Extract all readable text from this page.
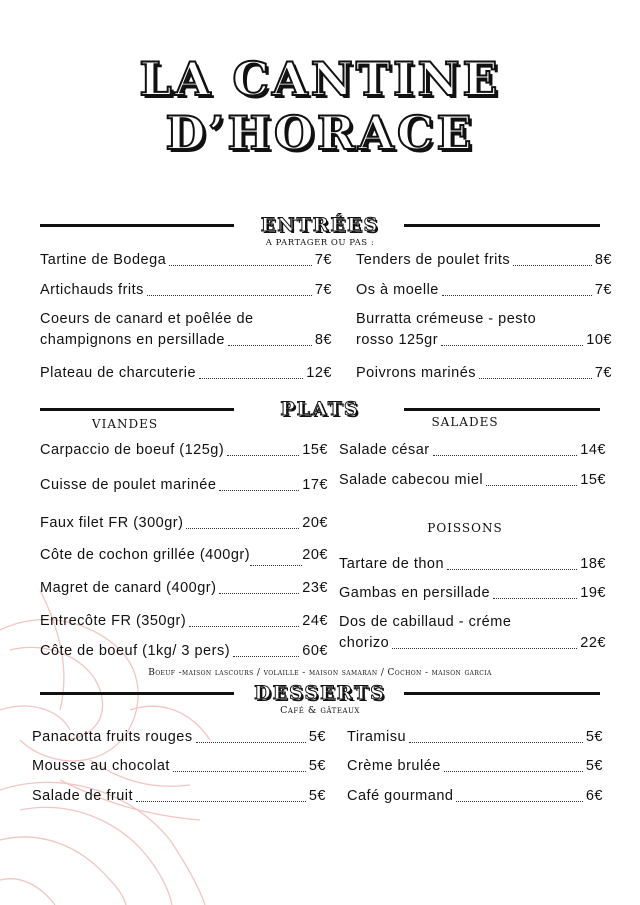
LA CANTINE
D’HORACE
ENTRÉES
A PARTAGER OU PAS :
Tartine de Bodega	7€
Artichauds frits	7€
Coeurs de canard et poêlée de
champignons en persillade	8€
Plateau de charcuterie	12€
Tenders de poulet frits	8€
Os à moelle	7€
Burratta crémeuse - pesto
rosso 125gr	10€
Poivrons marinés	7€
PLATS
VIANDES	SALADES
POISSONS
Carpaccio de boeuf (125g)	15€
Cuisse de poulet marinée	17€
Faux filet FR (300gr)	20€
Côte de cochon grillée (400gr)	20€
Magret de canard (400gr)	23€
Entrecôte FR (350gr)	24€
Côte de boeuf (1kg/ 3 pers)	60€
Salade césar	14€
Salade cabecou miel	15€
Tartare de thon	18€
Gambas en persillade	19€
Dos de cabillaud - créme
chorizo	22€
Boeuf -maison lascours / volaille - maison samaran / Cochon - maison garcia
DESSERTS
Café & gâteaux
Panacotta fruits rouges	5€
Mousse au chocolat	5€
Salade de fruit	5€
Tiramisu	5€
Crème brulée	5€
Café gourmand	6€
